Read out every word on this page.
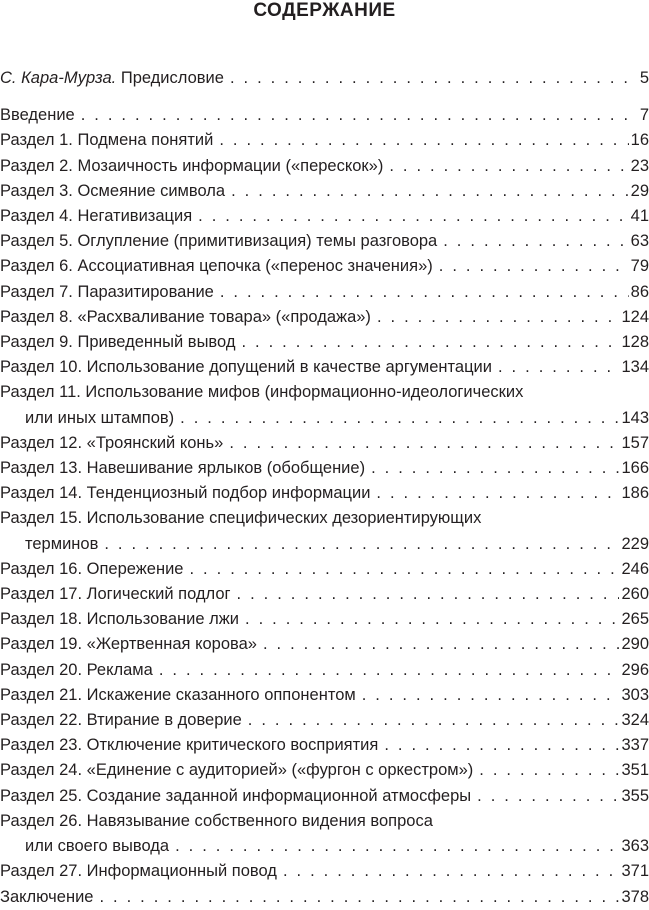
СОДЕРЖАНИЕ
С. Кара-Мурза. Предисловие . . .	5
Введение . . .	7
Раздел 1. Подмена понятий . . .	16
Раздел 2. Мозаичность информации («перескок») . . .	23
Раздел 3. Осмеяние символа . . .	29
Раздел 4. Негативизация . . .	41
Раздел 5. Оглупление (примитивизация) темы разговора . . .	63
Раздел 6. Ассоциативная цепочка («перенос значения») . . .	79
Раздел 7. Паразитирование . . .	86
Раздел 8. «Расхваливание товара» («продажа») . . .	124
Раздел 9. Приведенный вывод . . .	128
Раздел 10. Использование допущений в качестве аргументации . . .	134
Раздел 11. Использование мифов (информационно-идеологических
или иных штампов) . . .	143
Раздел 12. «Троянский конь» . . .	157
Раздел 13. Навешивание ярлыков (обобщение) . . .	166
Раздел 14. Тенденциозный подбор информации . . .	186
Раздел 15. Использование специфических дезориентирующих
терминов . . .	229
Раздел 16. Опережение . . .	246
Раздел 17. Логический подлог . . .	260
Раздел 18. Использование лжи . . .	265
Раздел 19. «Жертвенная корова» . . .	290
Раздел 20. Реклама . . .	296
Раздел 21. Искажение сказанного оппонентом . . .	303
Раздел 22. Втирание в доверие . . .	324
Раздел 23. Отключение критического восприятия . . .	337
Раздел 24. «Единение с аудиторией» («фургон с оркестром») . . .	351
Раздел 25. Создание заданной информационной атмосферы . . .	355
Раздел 26. Навязывание собственного видения вопроса
или своего вывода . . .	363
Раздел 27. Информационный повод . . .	371
Заключение . . .	378
